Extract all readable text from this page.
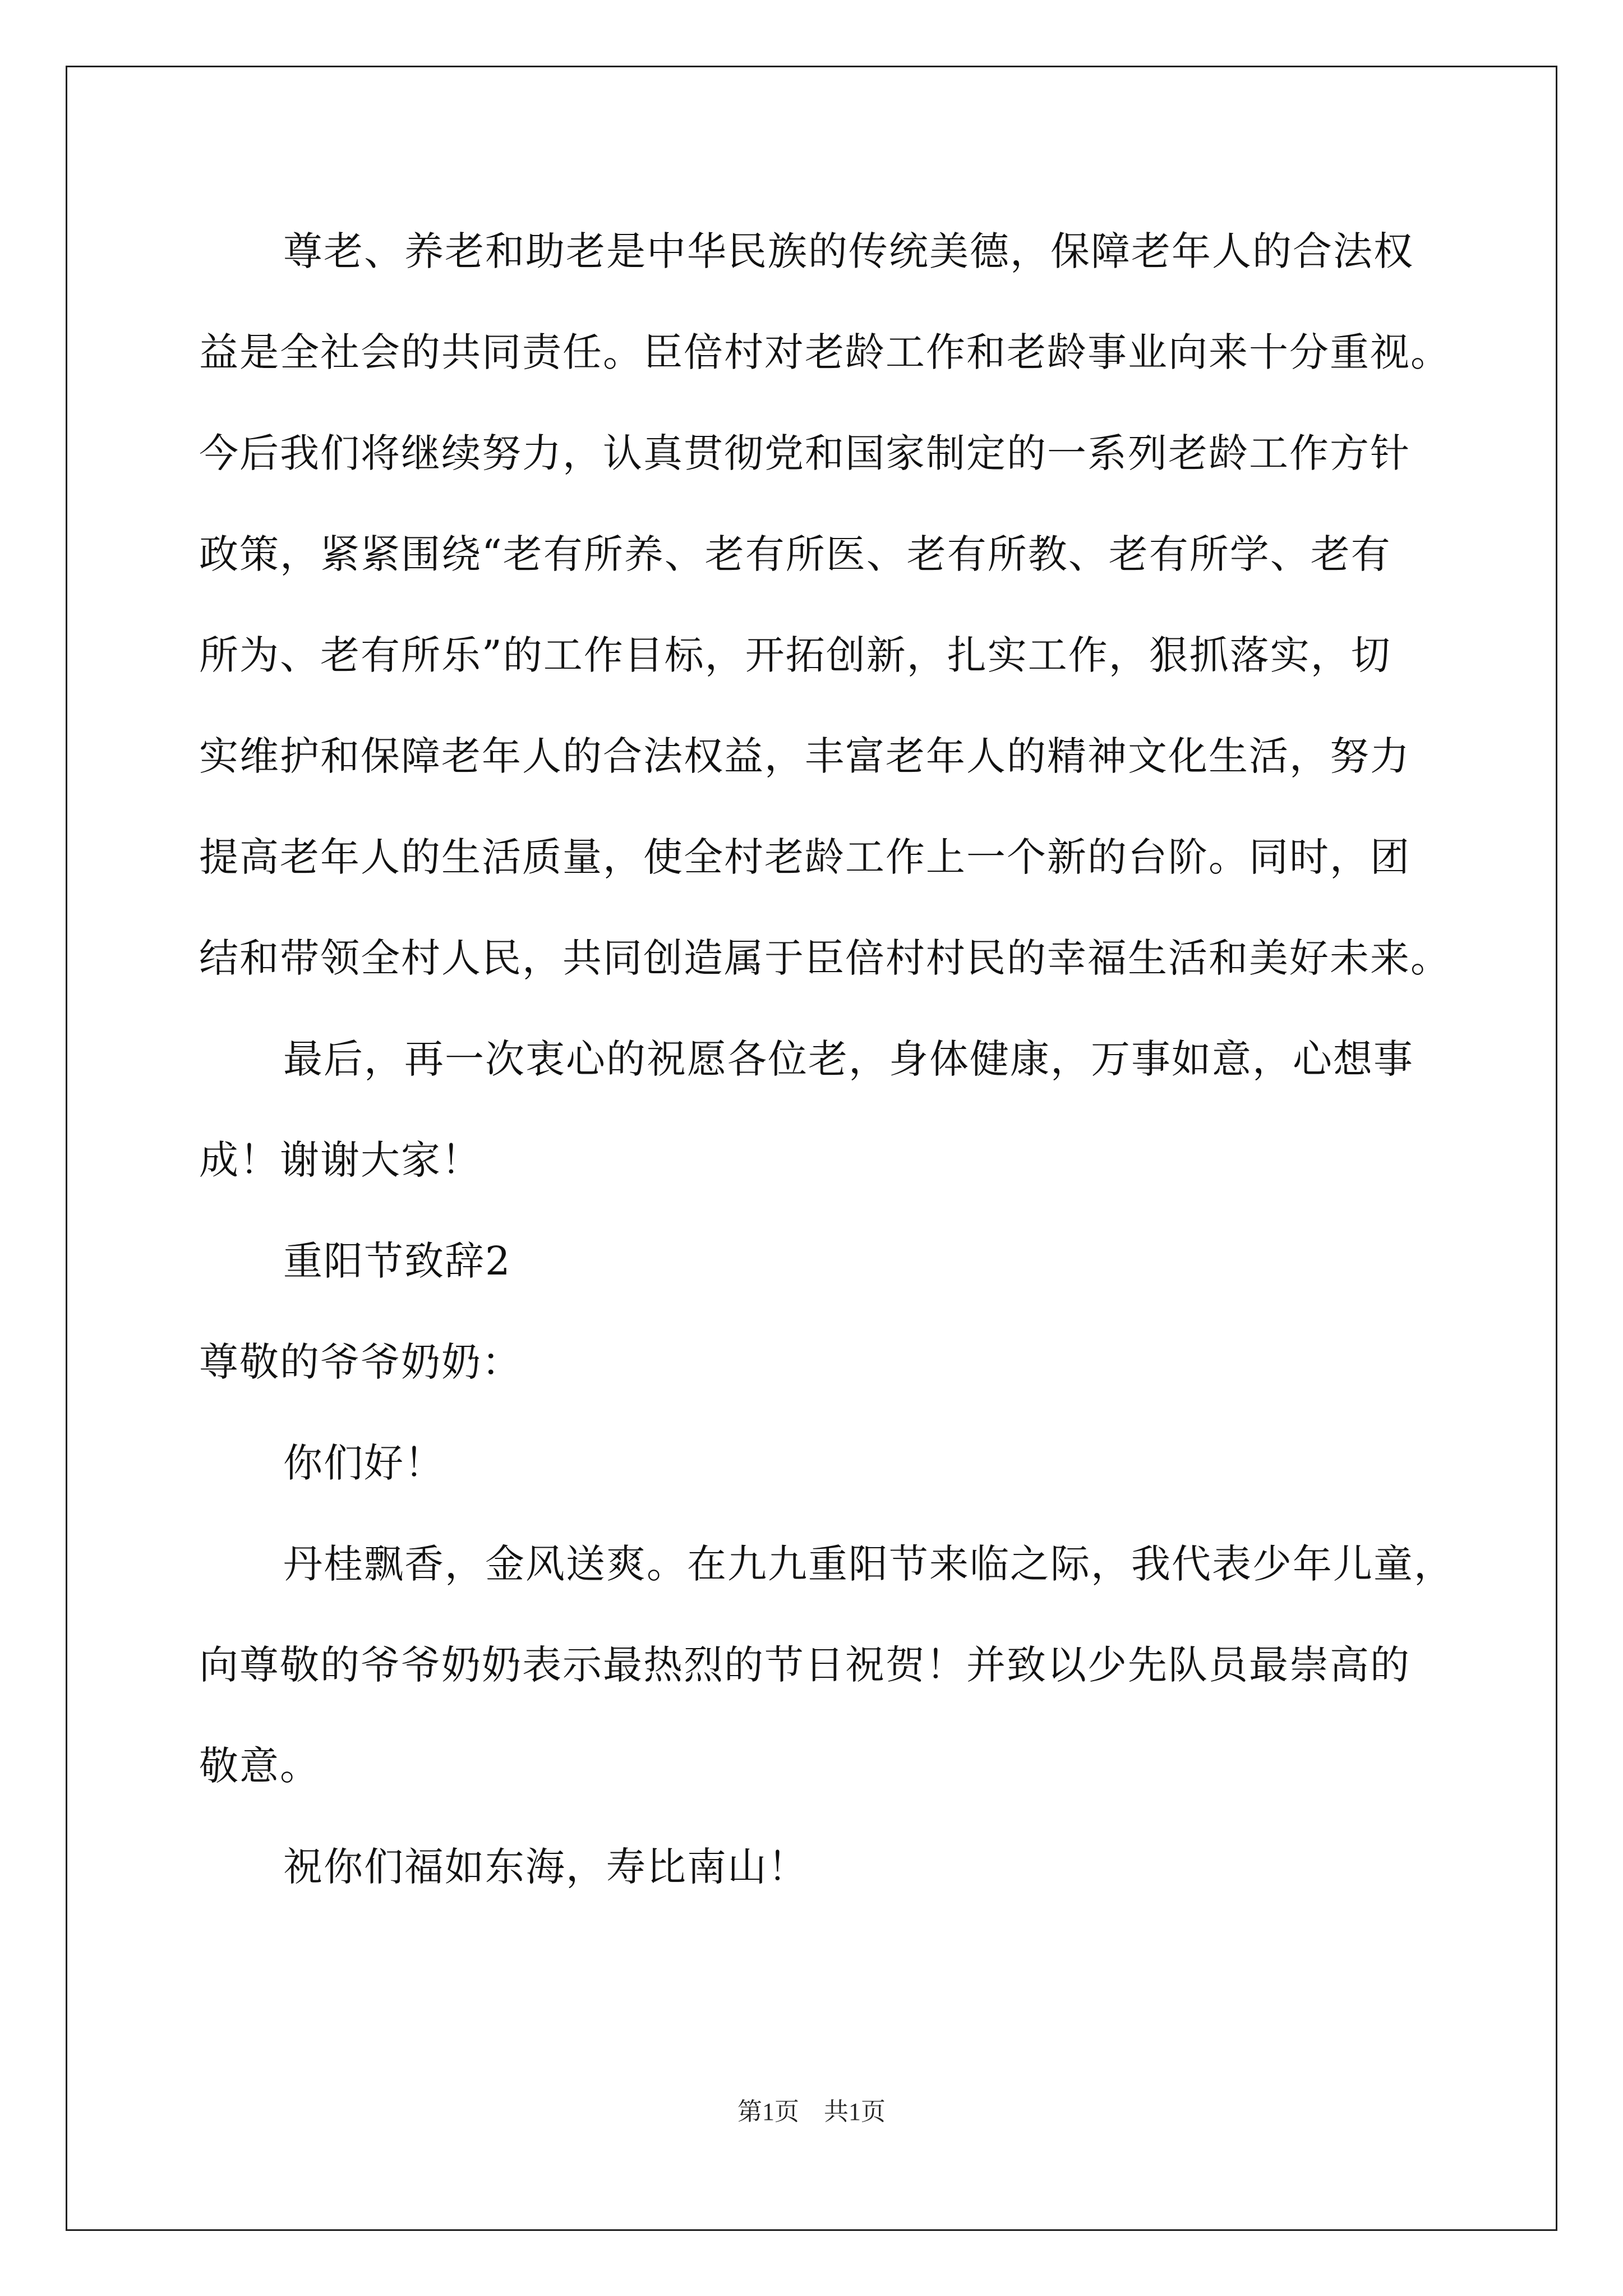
尊老、养老和助老是中华民族的传统美德，保障老年人的合法权
益是全社会的共同责任。臣倍村对老龄工作和老龄事业向来十分重视。
今后我们将继续努力，认真贯彻党和国家制定的一系列老龄工作方针
政策，紧紧围绕“老有所养、老有所医、老有所教、老有所学、老有
所为、老有所乐”的工作目标，开拓创新，扎实工作，狠抓落实，切
实维护和保障老年人的合法权益，丰富老年人的精神文化生活，努力
提高老年人的生活质量，使全村老龄工作上一个新的台阶。同时，团
结和带领全村人民，共同创造属于臣倍村村民的幸福生活和美好未来。
最后，再一次衷心的祝愿各位老，身体健康，万事如意，心想事
成！谢谢大家！
重阳节致辞2
尊敬的爷爷奶奶：
你们好！
丹桂飘香，金风送爽。在九九重阳节来临之际，我代表少年儿童，
向尊敬的爷爷奶奶表示最热烈的节日祝贺！并致以少先队员最崇高的
敬意。
祝你们福如东海，寿比南山！
第1页　共1页
